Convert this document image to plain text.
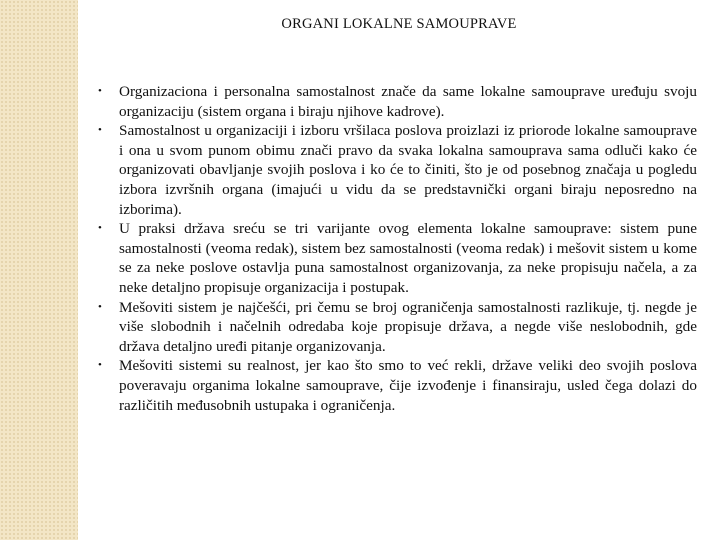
ORGANI LOKALNE SAMOUPRAVE
• Organizaciona i personalna samostalnost znače da same lokalne samouprave uređuju svoju organizaciju (sistem organa i biraju njihove kadrove).
• Samostalnost u organizaciji i izboru vršilaca poslova proizlazi iz priorode lokalne samouprave i ona u svom punom obimu znači pravo da svaka lokalna samouprava sama odluči kako će organizovati obavljanje svojih poslova i ko će to činiti, što je od posebnog značaja u pogledu izbora izvršnih organa (imajući u vidu da se predstavnički organi biraju neposredno na izborima).
• U praksi država sreću se tri varijante ovog elementa lokalne samouprave: sistem pune samostalnosti (veoma redak), sistem bez samostalnosti (veoma redak) i mešovit sistem u kome se za neke poslove ostavlja puna samostalnost organizovanja, za neke propisuju načela, a za neke detaljno propisuje organizacija i postupak.
• Mešoviti sistem je najčešći, pri čemu se broj ograničenja samostalnosti razlikuje, tj. negde je više slobodnih i načelnih odredaba koje propisuje država, a negde više neslobodnih, gde država detaljno uređi pitanje organizovanja.
• Mešoviti sistemi su realnost, jer kao što smo to već rekli, države veliki deo svojih poslova poveravaju organima lokalne samouprave, čije izvođenje i finansiraju, usled čega dolazi do različitih međusobnih ustupaka i ograničenja.
